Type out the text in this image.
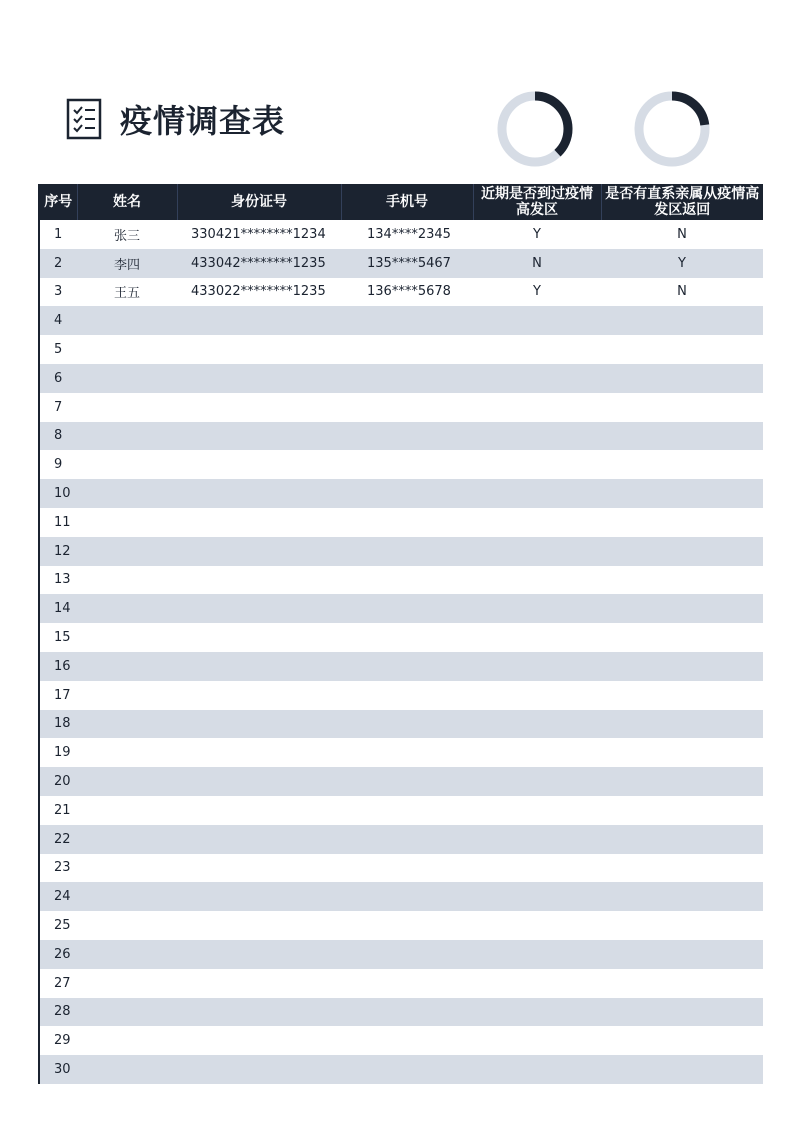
疫情调查表
序号	姓名	身份证号	手机号	近期是否到过疫情高发区	是否有直系亲属从疫情高发区返回
1	张三	330421********1234	134****2345	Y	N
2	李四	433042********1235	135****5467	N	Y
3	王五	433022********1235	136****5678	Y	N
4					
5					
6					
7					
8					
9					
10					
11					
12					
13					
14					
15					
16					
17					
18					
19					
20					
21					
22					
23					
24					
25					
26					
27					
28					
29					
30					
